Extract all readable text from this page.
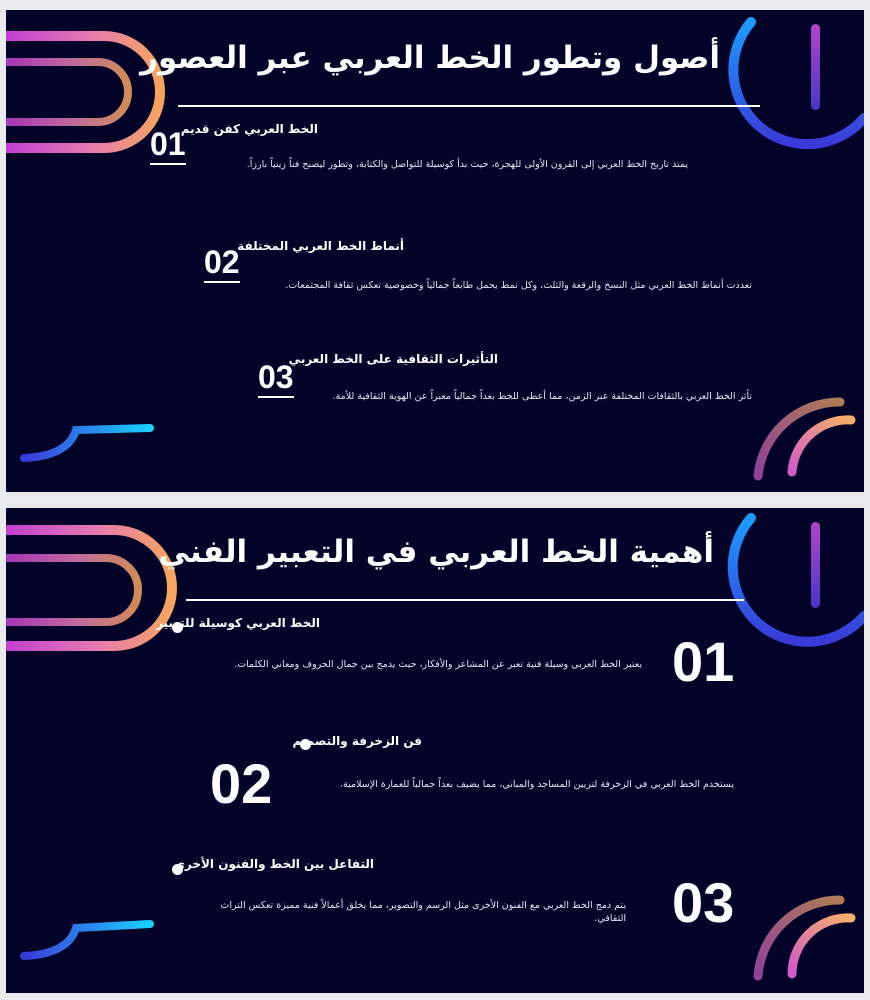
أصول وتطور الخط العربي عبر العصور
01
الخط العربي كفن قديم
يمتد تاريخ الخط العربي إلى القرون الأولى للهجرة، حيث بدأ كوسيلة للتواصل والكتابة، وتطور ليصبح فناً زينياً بارزاً.
02
أنماط الخط العربي المختلفة
تعددت أنماط الخط العربي مثل النسخ والرقعة والثلث، وكل نمط يحمل طابعاً جمالياً وخصوصية تعكس ثقافة المجتمعات.
03
التأثيرات الثقافية على الخط العربي
تأثر الخط العربي بالثقافات المختلفة عبر الزمن، مما أعطى للخط بعداً جمالياً معبراً عن الهوية الثقافية للأمة.
أهمية الخط العربي في التعبير الفني
الخط العربي كوسيلة للتعبير
يعتبر الخط العربي وسيلة فنية تعبر عن المشاعر والأفكار، حيث يدمج بين جمال الحروف ومعاني الكلمات. 01
فن الزخرفة والتصميم
يستخدم الخط العربي في الزخرفة لتزيين المساجد والمباني، مما يضيف بعداً جمالياً للعمارة الإسلامية.
02
التفاعل بين الخط والفنون الأخرى
يتم دمج الخط العربي مع الفنون الأخرى مثل الرسم والتصوير، مما يخلق أعمالاً فنية مميزة تعكس التراث الثقافي. 03
